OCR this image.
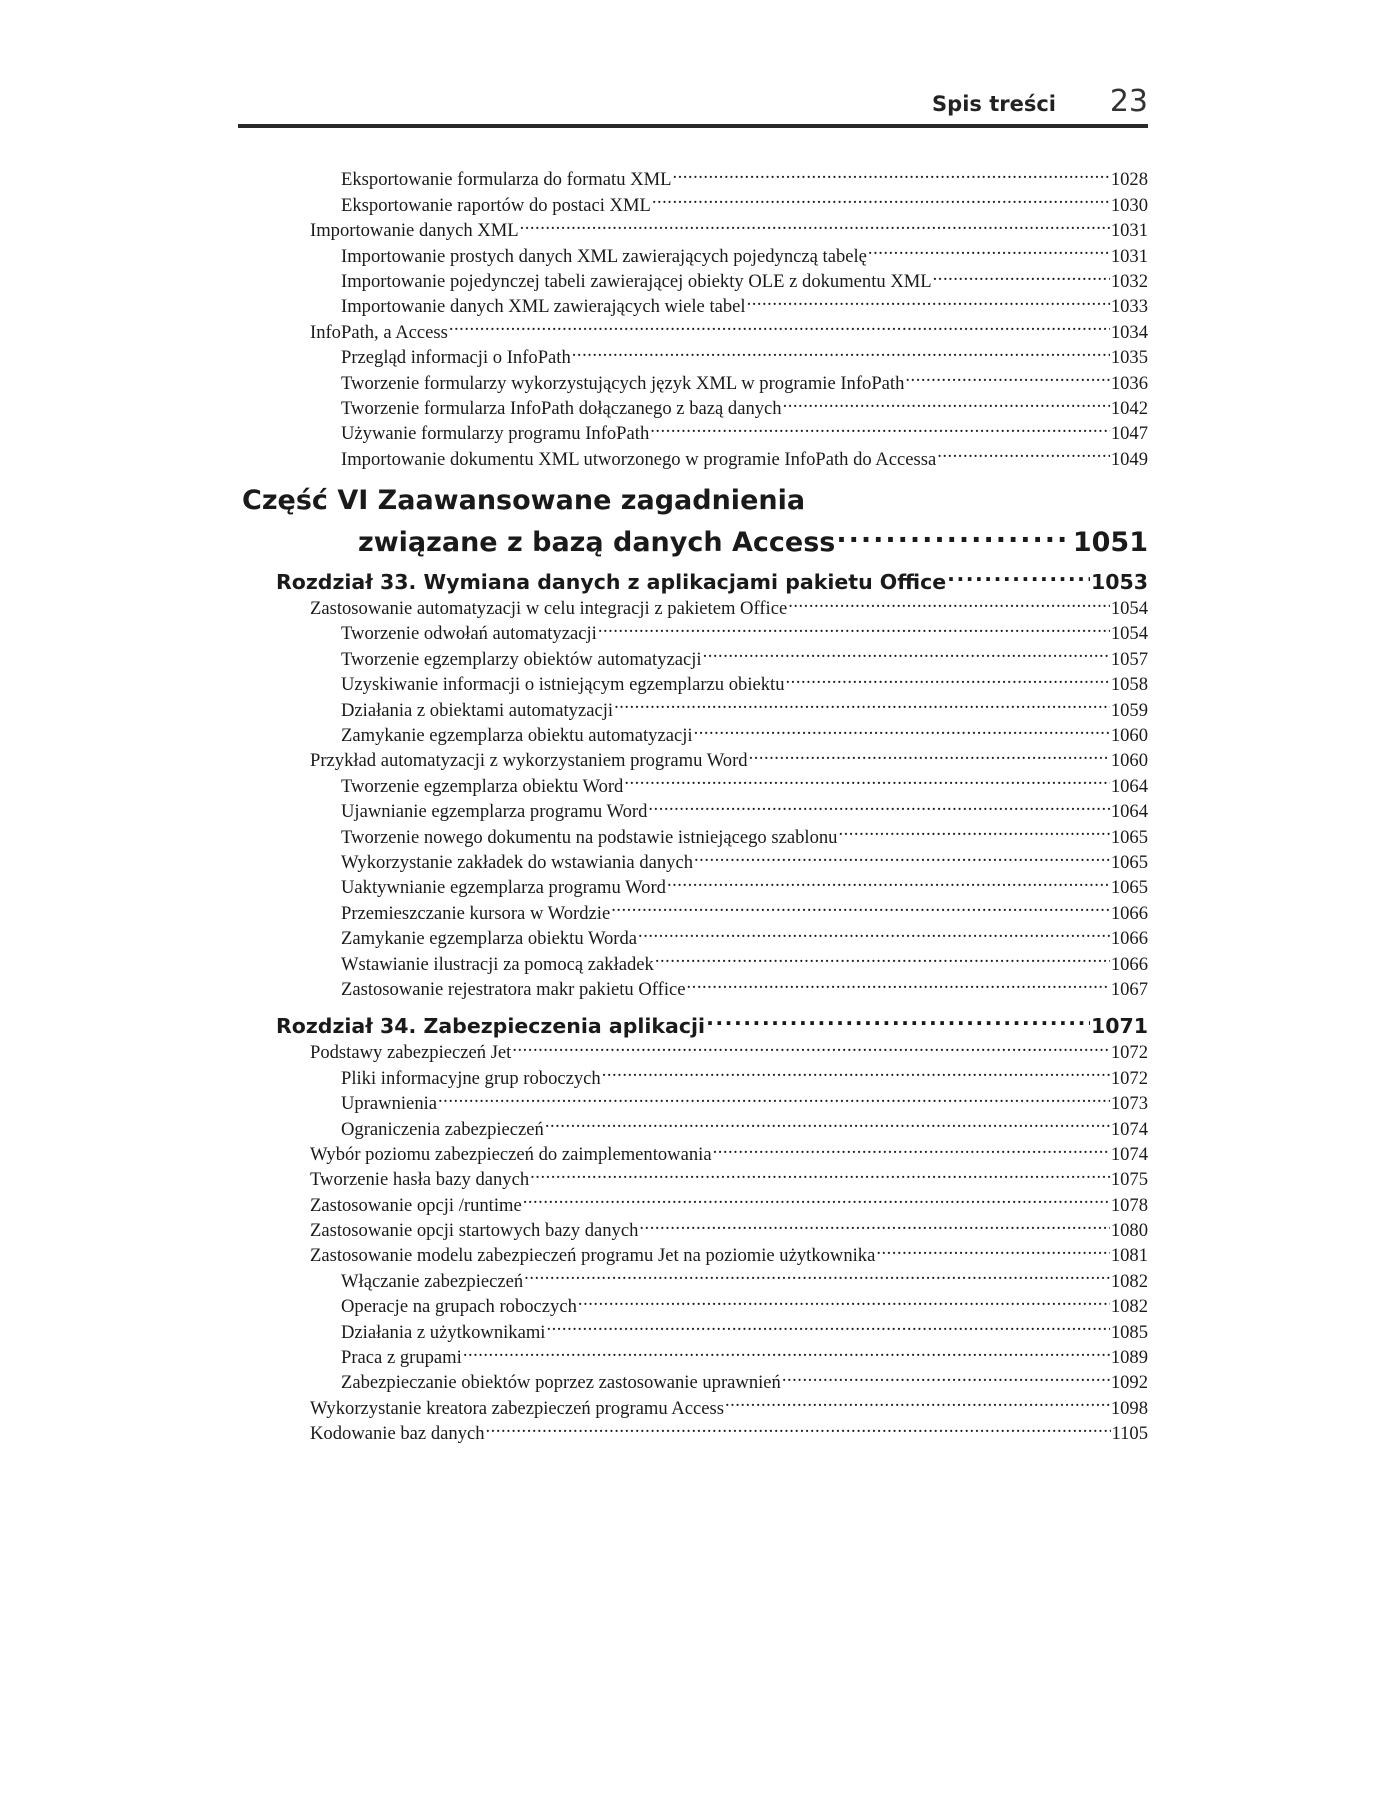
Spis treści 23
Eksportowanie formularza do formatu XML .....	1028
Eksportowanie raportów do postaci XML .....	1030
Importowanie danych XML .....	1031
Importowanie prostych danych XML zawierających pojedynczą tabelę .....	1031
Importowanie pojedynczej tabeli zawierającej obiekty OLE z dokumentu XML .....	1032
Importowanie danych XML zawierających wiele tabel .....	1033
InfoPath, a Access .....	1034
Przegląd informacji o InfoPath .....	1035
Tworzenie formularzy wykorzystujących język XML w programie InfoPath .....	1036
Tworzenie formularza InfoPath dołączanego z bazą danych .....	1042
Używanie formularzy programu InfoPath .....	1047
Importowanie dokumentu XML utworzonego w programie InfoPath do Accessa .....	1049
Część VI Zaawansowane zagadnienia
związane z bazą danych Access .....	1051
Rozdział 33. Wymiana danych z aplikacjami pakietu Office .....	1053
Zastosowanie automatyzacji w celu integracji z pakietem Office .....	1054
Tworzenie odwołań automatyzacji .....	1054
Tworzenie egzemplarzy obiektów automatyzacji .....	1057
Uzyskiwanie informacji o istniejącym egzemplarzu obiektu .....	1058
Działania z obiektami automatyzacji .....	1059
Zamykanie egzemplarza obiektu automatyzacji .....	1060
Przykład automatyzacji z wykorzystaniem programu Word .....	1060
Tworzenie egzemplarza obiektu Word .....	1064
Ujawnianie egzemplarza programu Word .....	1064
Tworzenie nowego dokumentu na podstawie istniejącego szablonu .....	1065
Wykorzystanie zakładek do wstawiania danych .....	1065
Uaktywnianie egzemplarza programu Word .....	1065
Przemieszczanie kursora w Wordzie .....	1066
Zamykanie egzemplarza obiektu Worda .....	1066
Wstawianie ilustracji za pomocą zakładek .....	1066
Zastosowanie rejestratora makr pakietu Office .....	1067
Rozdział 34. Zabezpieczenia aplikacji .....	1071
Podstawy zabezpieczeń Jet .....	1072
Pliki informacyjne grup roboczych .....	1072
Uprawnienia .....	1073
Ograniczenia zabezpieczeń .....	1074
Wybór poziomu zabezpieczeń do zaimplementowania .....	1074
Tworzenie hasła bazy danych .....	1075
Zastosowanie opcji /runtime .....	1078
Zastosowanie opcji startowych bazy danych .....	1080
Zastosowanie modelu zabezpieczeń programu Jet na poziomie użytkownika .....	1081
Włączanie zabezpieczeń .....	1082
Operacje na grupach roboczych .....	1082
Działania z użytkownikami .....	1085
Praca z grupami .....	1089
Zabezpieczanie obiektów poprzez zastosowanie uprawnień .....	1092
Wykorzystanie kreatora zabezpieczeń programu Access .....	1098
Kodowanie baz danych .....	1105
